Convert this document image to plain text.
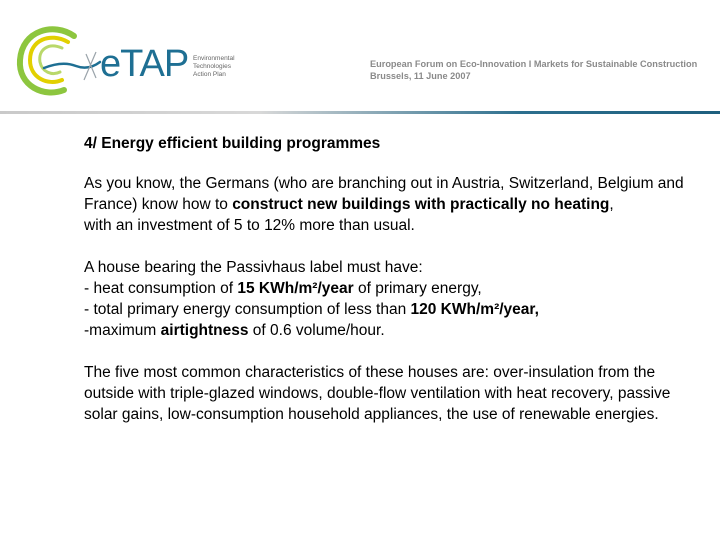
eTAP Environmental
Technologies
Action Plan
European Forum on Eco-Innovation I Markets for Sustainable Construction
Brussels, 11 June 2007
4/ Energy efficient building programmes

As you know, the Germans (who are branching out in Austria, Switzerland, Belgium and France) know how to construct new buildings with practically no heating,
with an investment of 5 to 12% more than usual.

A house bearing the Passivhaus label must have:
- heat consumption of 15 KWh/m²/year of primary energy,
- total primary energy consumption of less than 120 KWh/m²/year,
-maximum airtightness of 0.6 volume/hour.

The five most common characteristics of these houses are: over-insulation from the outside with triple-glazed windows, double-flow ventilation with heat recovery, passive solar gains, low-consumption household appliances, the use of renewable energies.
